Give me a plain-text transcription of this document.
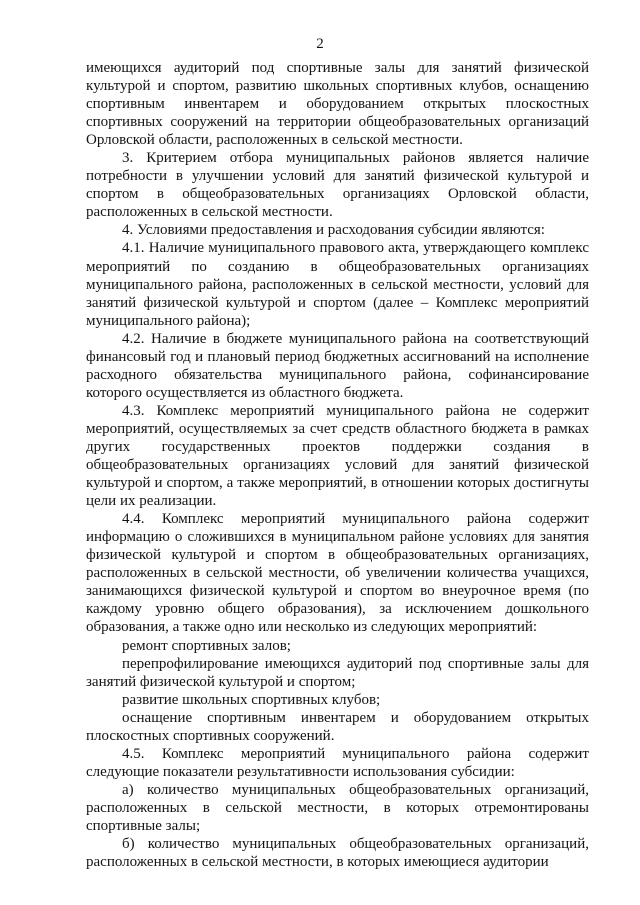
2

имеющихся аудиторий под спортивные залы для занятий физической культурой и спортом, развитию школьных спортивных клубов, оснащению спортивным инвентарем и оборудованием открытых плоскостных спортивных сооружений на территории общеобразовательных организаций Орловской области, расположенных в сельской местности.

3. Критерием отбора муниципальных районов является наличие потребности в улучшении условий для занятий физической культурой и спортом в общеобразовательных организациях Орловской области, расположенных в сельской местности.

4. Условиями предоставления и расходования субсидии являются:

4.1. Наличие муниципального правового акта, утверждающего комплекс мероприятий по созданию в общеобразовательных организациях муниципального района, расположенных в сельской местности, условий для занятий физической культурой и спортом (далее – Комплекс мероприятий муниципального района);

4.2. Наличие в бюджете муниципального района на соответствующий финансовый год и плановый период бюджетных ассигнований на исполнение расходного обязательства муниципального района, софинансирование которого осуществляется из областного бюджета.

4.3. Комплекс мероприятий муниципального района не содержит мероприятий, осуществляемых за счет средств областного бюджета в рамках других государственных проектов поддержки создания в общеобразовательных организациях условий для занятий физической культурой и спортом, а также мероприятий, в отношении которых достигнуты цели их реализации.

4.4. Комплекс мероприятий муниципального района содержит информацию о сложившихся в муниципальном районе условиях для занятия физической культурой и спортом в общеобразовательных организациях, расположенных в сельской местности, об увеличении количества учащихся, занимающихся физической культурой и спортом во внеурочное время (по каждому уровню общего образования), за исключением дошкольного образования, а также одно или несколько из следующих мероприятий:

ремонт спортивных залов;

перепрофилирование имеющихся аудиторий под спортивные залы для занятий физической культурой и спортом;

развитие школьных спортивных клубов;

оснащение спортивным инвентарем и оборудованием открытых плоскостных спортивных сооружений.

4.5. Комплекс мероприятий муниципального района содержит следующие показатели результативности использования субсидии:

а) количество муниципальных общеобразовательных организаций, расположенных в сельской местности, в которых отремонтированы спортивные залы;

б) количество муниципальных общеобразовательных организаций, расположенных в сельской местности, в которых имеющиеся аудитории
